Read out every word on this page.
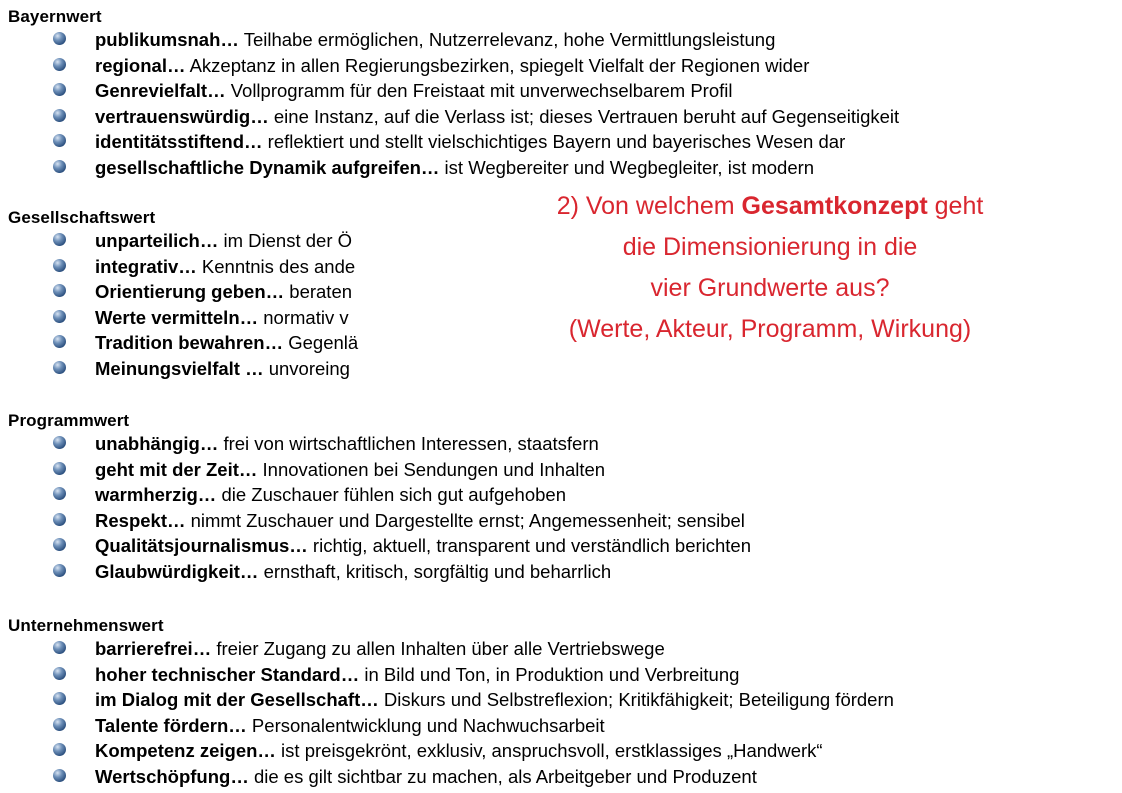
Bayernwert
publikumsnah… Teilhabe ermöglichen, Nutzerrelevanz, hohe Vermittlungsleistung
regional… Akzeptanz in allen Regierungsbezirken, spiegelt Vielfalt der Regionen wider
Genrevielfalt… Vollprogramm für den Freistaat mit unverwechselbarem Profil
vertrauenswürdig… eine Instanz, auf die Verlass ist; dieses Vertrauen beruht auf Gegenseitigkeit
identitätsstiftend… reflektiert und stellt vielschichtiges Bayern und bayerisches Wesen dar
gesellschaftliche Dynamik aufgreifen… ist Wegbereiter und Wegbegleiter, ist modern
Gesellschaftswert
unparteilich… im Dienst der Ö
integrativ… Kenntnis des ande
Orientierung geben… beraten
Werte vermitteln… normativ v
Tradition bewahren… Gegenlä
Meinungsvielfalt … unvoreing
Programmwert
unabhängig… frei von wirtschaftlichen Interessen, staatsfern
geht mit der Zeit… Innovationen bei Sendungen und Inhalten
warmherzig… die Zuschauer fühlen sich gut aufgehoben
Respekt… nimmt Zuschauer und Dargestellte ernst; Angemessenheit; sensibel
Qualitätsjournalismus… richtig, aktuell, transparent und verständlich berichten
Glaubwürdigkeit… ernsthaft, kritisch, sorgfältig und beharrlich
Unternehmenswert
barrierefrei… freier Zugang zu allen Inhalten über alle Vertriebswege
hoher technischer Standard… in Bild und Ton, in Produktion und Verbreitung
im Dialog mit der Gesellschaft… Diskurs und Selbstreflexion; Kritikfähigkeit; Beteiligung fördern
Talente fördern… Personalentwicklung und Nachwuchsarbeit
Kompetenz zeigen… ist preisgekrönt, exklusiv, anspruchsvoll, erstklassiges „Handwerk“
Wertschöpfung… die es gilt sichtbar zu machen, als Arbeitgeber und Produzent
2) Von welchem Gesamtkonzept geht
die Dimensionierung in die
vier Grundwerte aus?
(Werte, Akteur, Programm, Wirkung)
